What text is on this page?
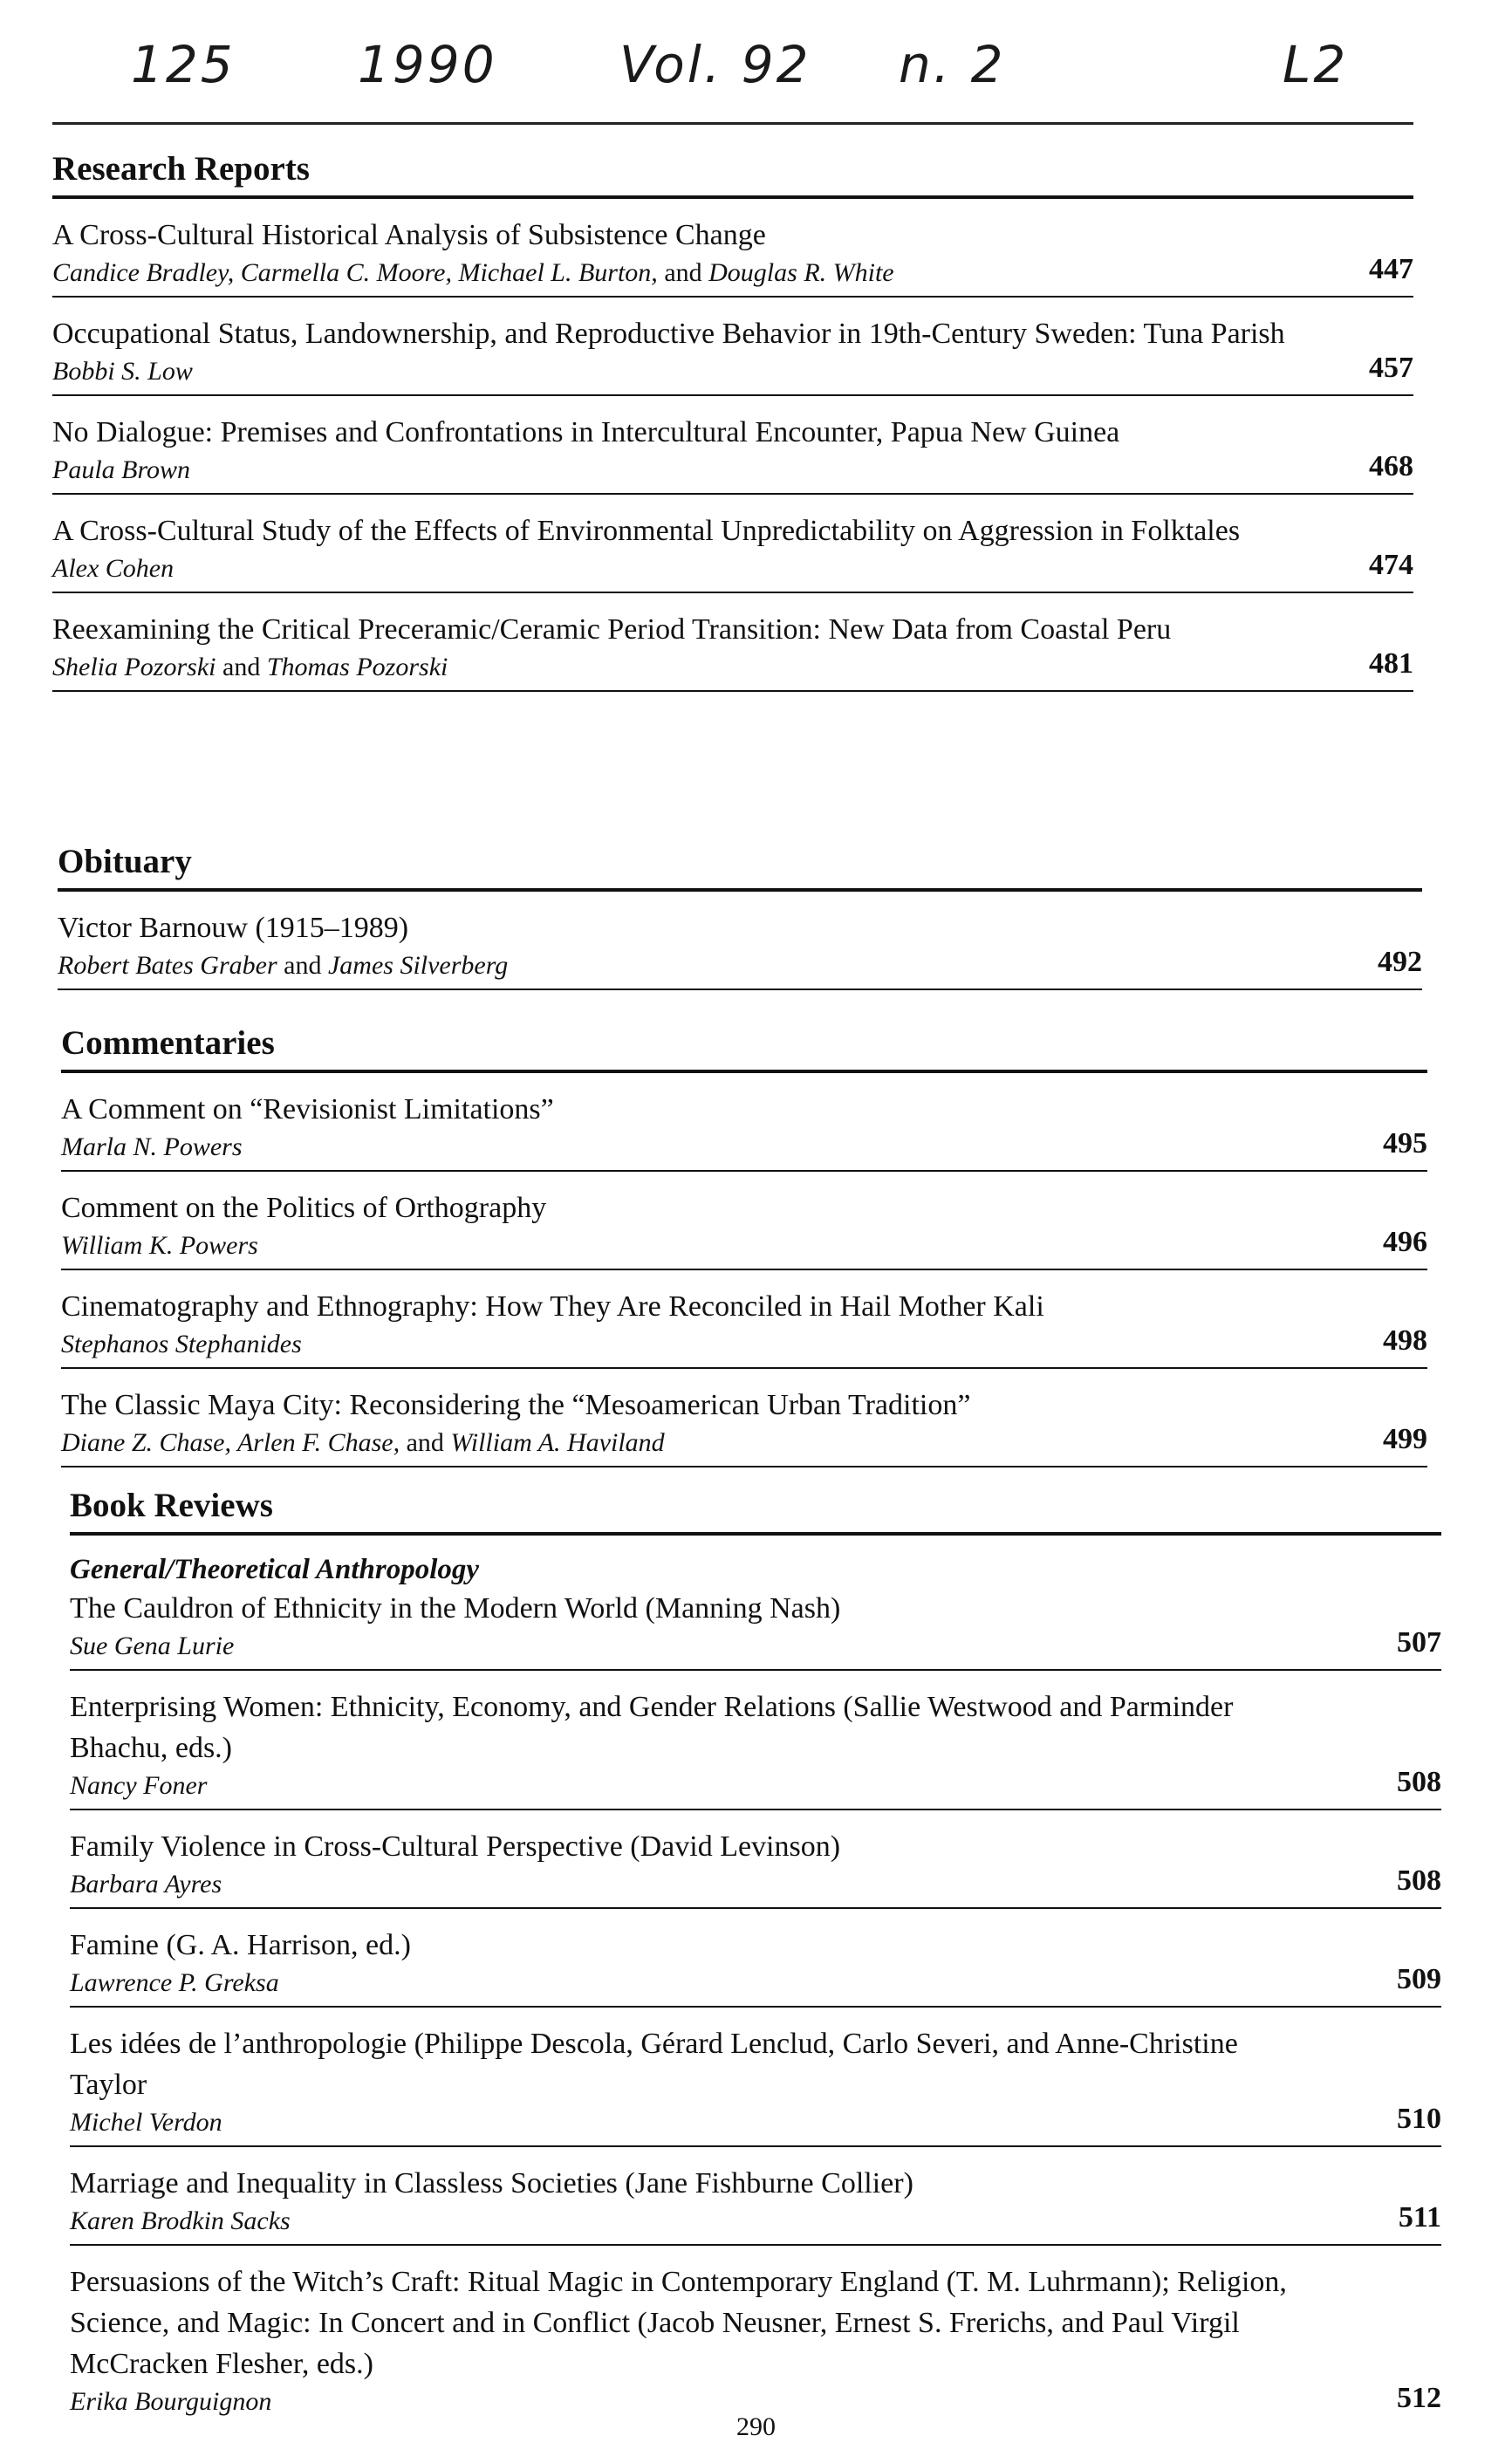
125 1990 Vol. 92 n. 2	L2
Research Reports
A Cross-Cultural Historical Analysis of Subsistence Change
Candice Bradley, Carmella C. Moore, Michael L. Burton, and Douglas R. White	447
Occupational Status, Landownership, and Reproductive Behavior in 19th-Century Sweden: Tuna Parish
Bobbi S. Low	457
No Dialogue: Premises and Confrontations in Intercultural Encounter, Papua New Guinea
Paula Brown	468
A Cross-Cultural Study of the Effects of Environmental Unpredictability on Aggression in Folktales
Alex Cohen	474
Reexamining the Critical Preceramic/Ceramic Period Transition: New Data from Coastal Peru
Shelia Pozorski and Thomas Pozorski	481
Obituary
Victor Barnouw (1915–1989)
Robert Bates Graber and James Silverberg	492
Commentaries
A Comment on “Revisionist Limitations”
Marla N. Powers	495
Comment on the Politics of Orthography
William K. Powers	496
Cinematography and Ethnography: How They Are Reconciled in Hail Mother Kali
Stephanos Stephanides	498
The Classic Maya City: Reconsidering the “Mesoamerican Urban Tradition”
Diane Z. Chase, Arlen F. Chase, and William A. Haviland	499
Book Reviews
General/Theoretical Anthropology
The Cauldron of Ethnicity in the Modern World (Manning Nash)
Sue Gena Lurie	507
Enterprising Women: Ethnicity, Economy, and Gender Relations (Sallie Westwood and Parminder Bhachu, eds.)
Nancy Foner	508
Family Violence in Cross-Cultural Perspective (David Levinson)
Barbara Ayres	508
Famine (G. A. Harrison, ed.)
Lawrence P. Greksa	509
Les idées de l’anthropologie (Philippe Descola, Gérard Lenclud, Carlo Severi, and Anne-Christine Taylor
Michel Verdon	510
Marriage and Inequality in Classless Societies (Jane Fishburne Collier)
Karen Brodkin Sacks	511
Persuasions of the Witch’s Craft: Ritual Magic in Contemporary England (T. M. Luhrmann); Religion, Science, and Magic: In Concert and in Conflict (Jacob Neusner, Ernest S. Frerichs, and Paul Virgil McCracken Flesher, eds.)
Erika Bourguignon	512
290
